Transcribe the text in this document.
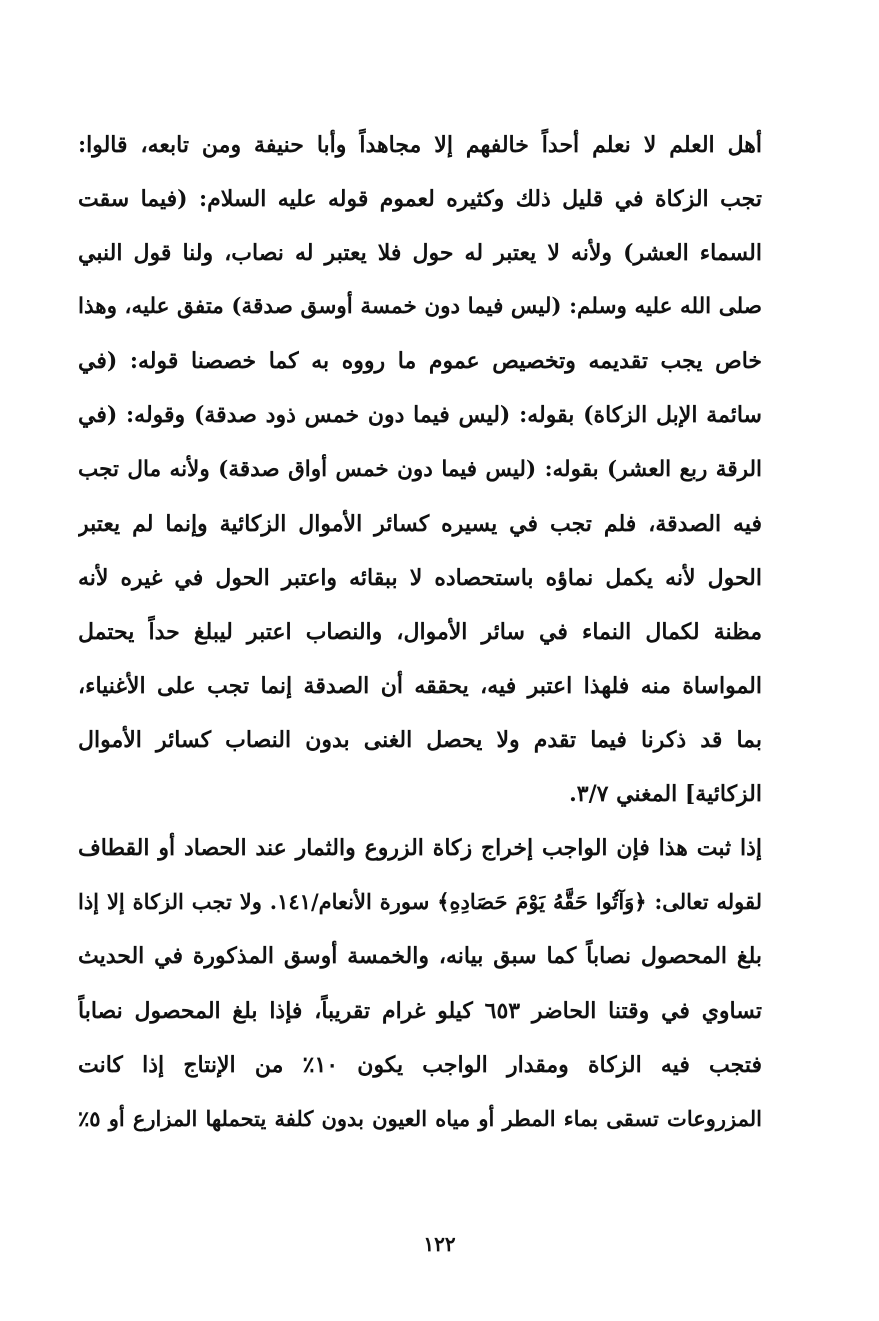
أهل العلم لا نعلم أحداً خالفهم إلا مجاهداً وأبا حنيفة ومن تابعه، قالوا:
تجب الزكاة في قليل ذلك وكثيره لعموم قوله عليه السلام: (فيما سقت
السماء العشر) ولأنه لا يعتبر له حول فلا يعتبر له نصاب، ولنا قول النبي
صلى الله عليه وسلم: (ليس فيما دون خمسة أوسق صدقة) متفق عليه، وهذا
خاص يجب تقديمه وتخصيص عموم ما رووه به كما خصصنا قوله: (في
سائمة الإبل الزكاة) بقوله: (ليس فيما دون خمس ذود صدقة) وقوله: (في
الرقة ربع العشر) بقوله: (ليس فيما دون خمس أواق صدقة) ولأنه مال تجب
فيه الصدقة، فلم تجب في يسيره كسائر الأموال الزكائية وإنما لم يعتبر
الحول لأنه يكمل نماؤه باستحصاده لا ببقائه واعتبر الحول في غيره لأنه
مظنة لكمال النماء في سائر الأموال، والنصاب اعتبر ليبلغ حداً يحتمل
المواساة منه فلهذا اعتبر فيه، يحققه أن الصدقة إنما تجب على الأغنياء،
بما قد ذكرنا فيما تقدم ولا يحصل الغنى بدون النصاب كسائر الأموال
الزكائية] المغني ٣/٧.
إذا ثبت هذا فإن الواجب إخراج زكاة الزروع والثمار عند الحصاد أو القطاف
لقوله تعالى: ﴿وَآتُوا حَقَّهُ يَوْمَ حَصَادِهِ﴾ سورة الأنعام/١٤١. ولا تجب الزكاة إلا إذا
بلغ المحصول نصاباً كما سبق بيانه، والخمسة أوسق المذكورة في الحديث
تساوي في وقتنا الحاضر ٦٥٣ كيلو غرام تقريباً، فإذا بلغ المحصول نصاباً
فتجب فيه الزكاة ومقدار الواجب يكون ١٠٪ من الإنتاج إذا كانت
المزروعات تسقى بماء المطر أو مياه العيون بدون كلفة يتحملها المزارع أو ٥٪
١٢٢
